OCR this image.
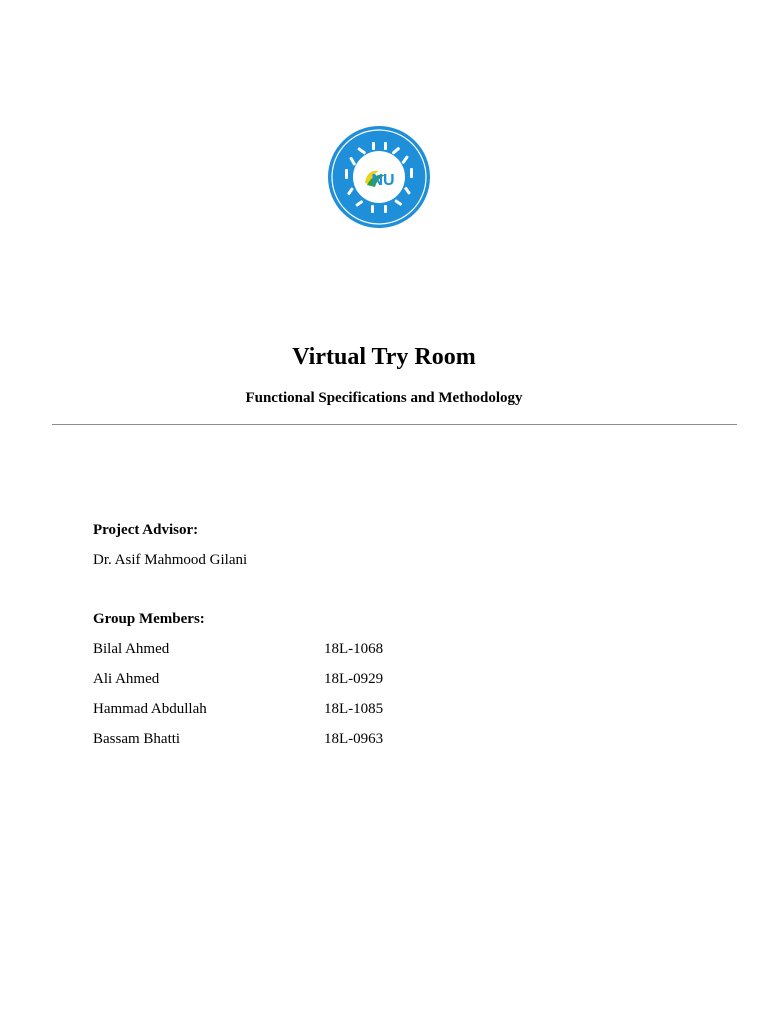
NU
Virtual Try Room
Functional Specifications and Methodology
Project Advisor:
Dr. Asif Mahmood Gilani
Group Members:
Bilal Ahmed	18L-1068
Ali Ahmed	18L-0929
Hammad Abdullah	18L-1085
Bassam Bhatti	18L-0963
